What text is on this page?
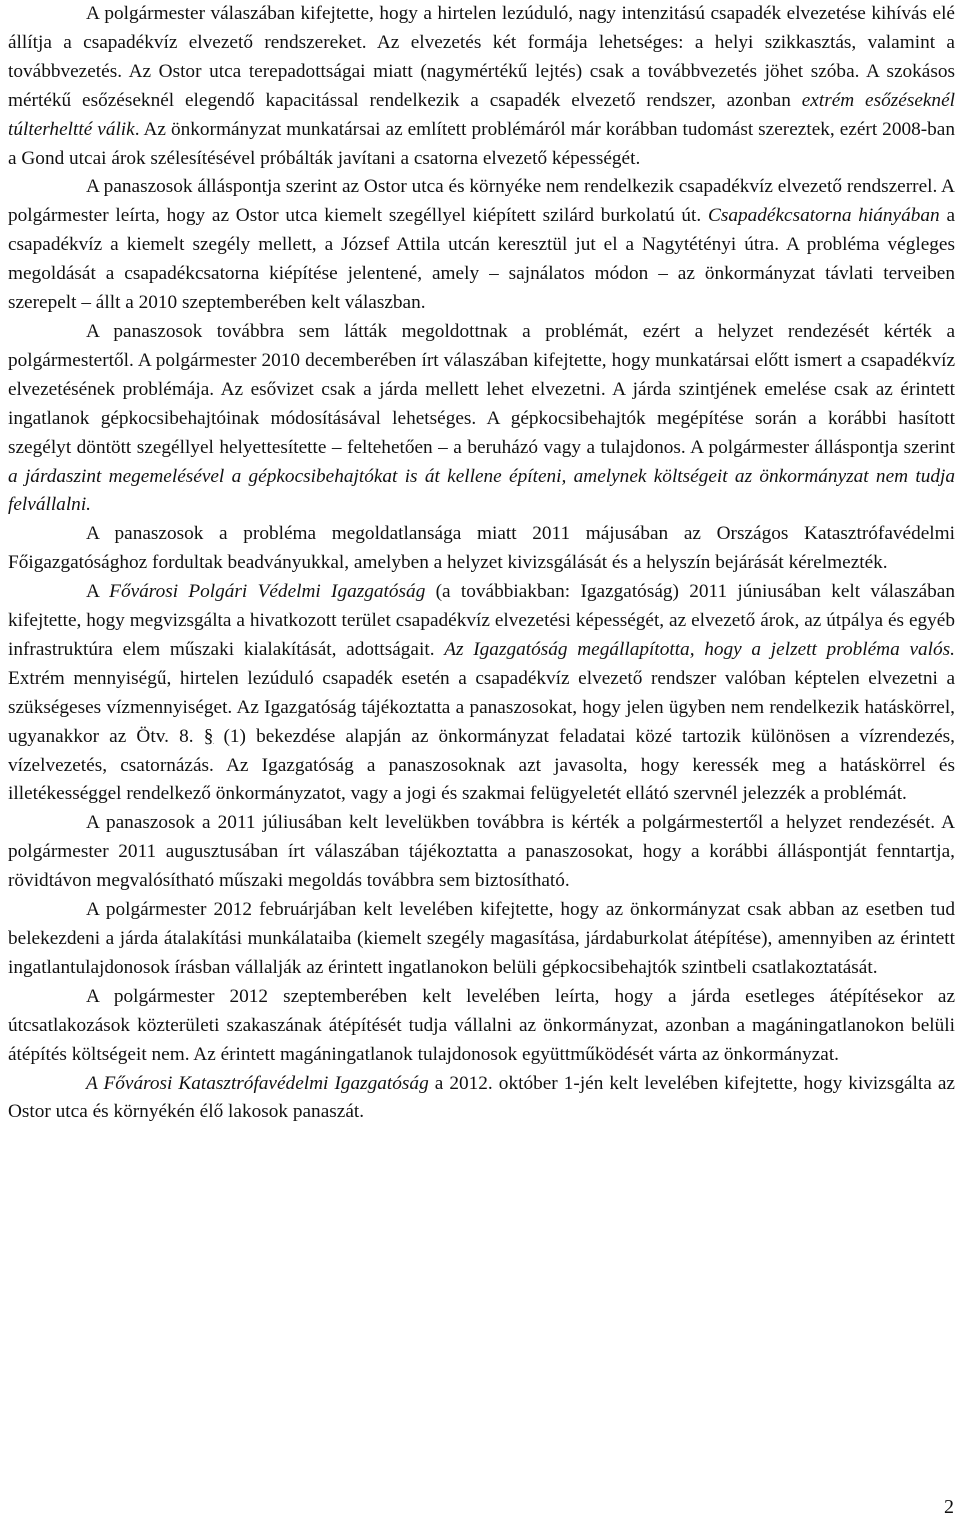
A polgármester válaszában kifejtette, hogy a hirtelen lezúduló, nagy intenzitású csapadék elvezetése kihívás elé állítja a csapadékvíz elvezető rendszereket. Az elvezetés két formája lehetséges: a helyi szikkasztás, valamint a továbbvezetés. Az Ostor utca terepadottságai miatt (nagymértékű lejtés) csak a továbbvezetés jöhet szóba. A szokásos mértékű esőzéseknél elegendő kapacitással rendelkezik a csapadék elvezető rendszer, azonban extrém esőzéseknél túlterheltté válik. Az önkormányzat munkatársai az említett problémáról már korábban tudomást szereztek, ezért 2008-ban a Gond utcai árok szélesítésével próbálták javítani a csatorna elvezető képességét.

A panaszosok álláspontja szerint az Ostor utca és környéke nem rendelkezik csapadékvíz elvezető rendszerrel. A polgármester leírta, hogy az Ostor utca kiemelt szegéllyel kiépített szilárd burkolatú út. Csapadékcsatorna hiányában a csapadékvíz a kiemelt szegély mellett, a József Attila utcán keresztül jut el a Nagytétényi útra. A probléma végleges megoldását a csapadékcsatorna kiépítése jelentené, amely – sajnálatos módon – az önkormányzat távlati terveiben szerepelt – állt a 2010 szeptemberében kelt válaszban.

A panaszosok továbbra sem látták megoldottnak a problémát, ezért a helyzet rendezését kérték a polgármestertől. A polgármester 2010 decemberében írt válaszában kifejtette, hogy munkatársai előtt ismert a csapadékvíz elvezetésének problémája. Az esővizet csak a járda mellett lehet elvezetni. A járda szintjének emelése csak az érintett ingatlanok gépkocsibehajtóinak módosításával lehetséges. A gépkocsibehajtók megépítése során a korábbi hasított szegélyt döntött szegéllyel helyettesítette – feltehetően – a beruházó vagy a tulajdonos. A polgármester álláspontja szerint a járdaszint megemelésével a gépkocsibehajtókat is át kellene építeni, amelynek költségeit az önkormányzat nem tudja felvállalni.

A panaszosok a probléma megoldatlansága miatt 2011 májusában az Országos Katasztrófavédelmi Főigazgatósághoz fordultak beadványukkal, amelyben a helyzet kivizsgálását és a helyszín bejárását kérelmezték.

A Fővárosi Polgári Védelmi Igazgatóság (a továbbiakban: Igazgatóság) 2011 júniusában kelt válaszában kifejtette, hogy megvizsgálta a hivatkozott terület csapadékvíz elvezetési képességét, az elvezető árok, az útpálya és egyéb infrastruktúra elem műszaki kialakítását, adottságait. Az Igazgatóság megállapította, hogy a jelzett probléma valós. Extrém mennyiségű, hirtelen lezúduló csapadék esetén a csapadékvíz elvezető rendszer valóban képtelen elvezetni a szükségeses vízmennyiséget. Az Igazgatóság tájékoztatta a panaszosokat, hogy jelen ügyben nem rendelkezik hatáskörrel, ugyanakkor az Ötv. 8. § (1) bekezdése alapján az önkormányzat feladatai közé tartozik különösen a vízrendezés, vízelvezetés, csatornázás. Az Igazgatóság a panaszosoknak azt javasolta, hogy keressék meg a hatáskörrel és illetékességgel rendelkező önkormányzatot, vagy a jogi és szakmai felügyeletét ellátó szervnél jelezzék a problémát.

A panaszosok a 2011 júliusában kelt levelükben továbbra is kérték a polgármestertől a helyzet rendezését. A polgármester 2011 augusztusában írt válaszában tájékoztatta a panaszosokat, hogy a korábbi álláspontját fenntartja, rövidtávon megvalósítható műszaki megoldás továbbra sem biztosítható.

A polgármester 2012 februárjában kelt levelében kifejtette, hogy az önkormányzat csak abban az esetben tud belekezdeni a járda átalakítási munkálataiba (kiemelt szegély magasítása, járdaburkolat átépítése), amennyiben az érintett ingatlantulajdonosok írásban vállalják az érintett ingatlanokon belüli gépkocsibehajtók szintbeli csatlakoztatását.

A polgármester 2012 szeptemberében kelt levelében leírta, hogy a járda esetleges átépítésekor az útcsatlakozások közterületi szakaszának átépítését tudja vállalni az önkormányzat, azonban a magáningatlanokon belüli átépítés költségeit nem. Az érintett magáningatlanok tulajdonosok együttműködését várta az önkormányzat.

A Fővárosi Katasztrófavédelmi Igazgatóság a 2012. október 1-jén kelt levelében kifejtette, hogy kivizsgálta az Ostor utca és környékén élő lakosok panaszát.

2
